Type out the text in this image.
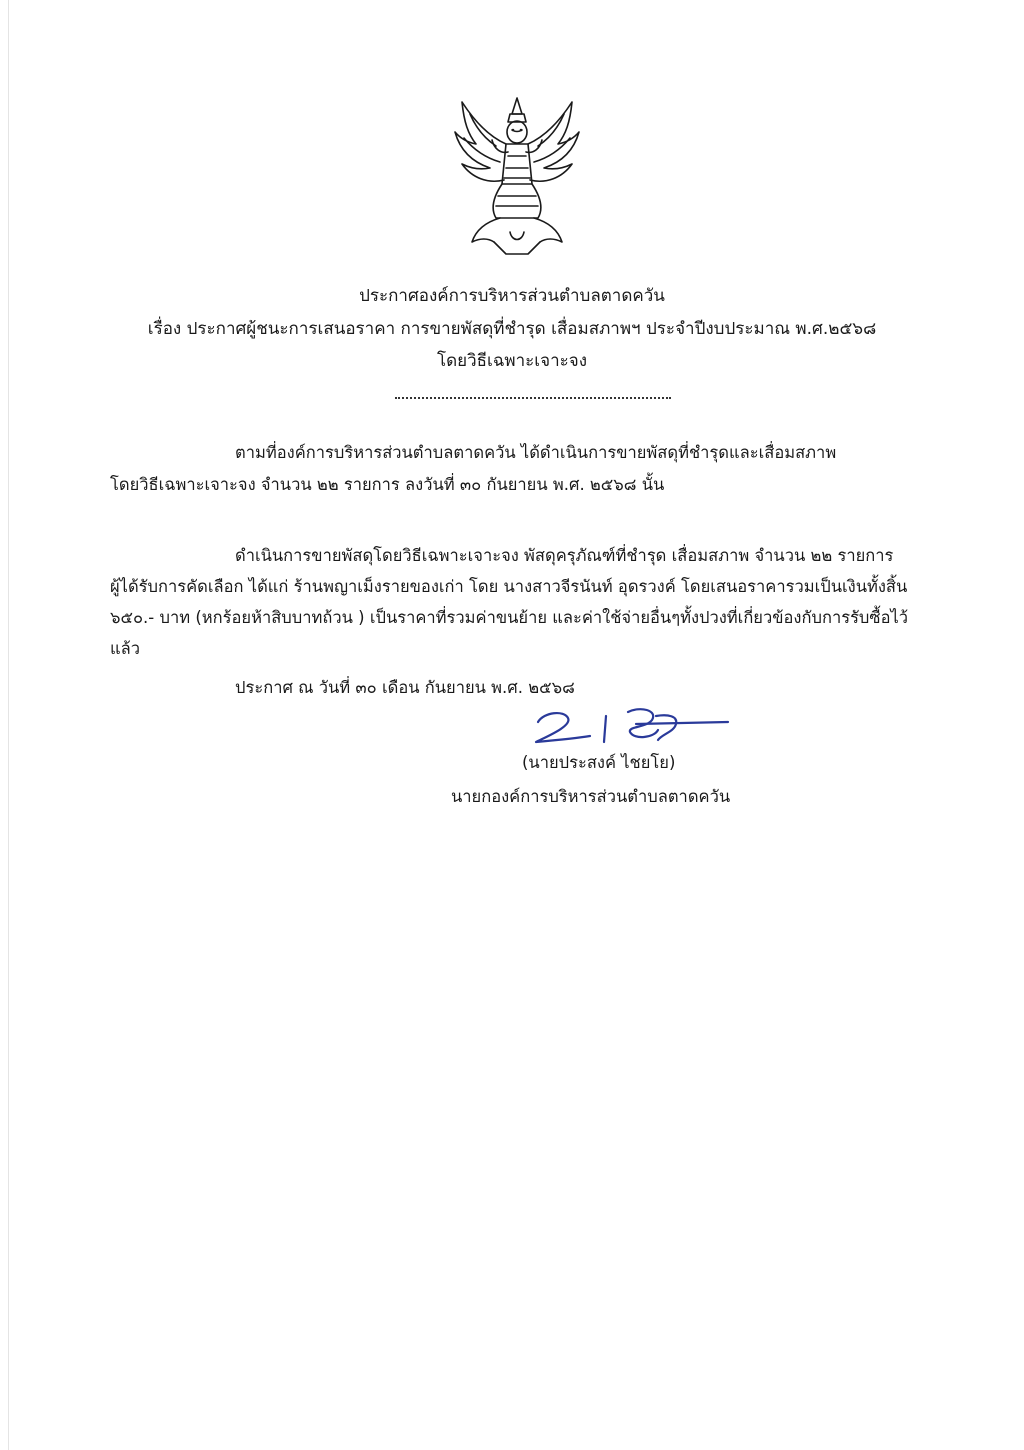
ประกาศองค์การบริหารส่วนตำบลตาดควัน
เรื่อง ประกาศผู้ชนะการเสนอราคา การขายพัสดุที่ชำรุด เสื่อมสภาพฯ ประจำปีงบประมาณ พ.ศ.๒๕๖๘
โดยวิธีเฉพาะเจาะจง
ตามที่องค์การบริหารส่วนตำบลตาดควัน ได้ดำเนินการขายพัสดุที่ชำรุดและเสื่อมสภาพ
โดยวิธีเฉพาะเจาะจง จำนวน ๒๒ รายการ ลงวันที่ ๓๐ กันยายน พ.ศ. ๒๕๖๘ นั้น
ดำเนินการขายพัสดุโดยวิธีเฉพาะเจาะจง พัสดุครุภัณฑ์ที่ชำรุด เสื่อมสภาพ จำนวน ๒๒ รายการ
ผู้ได้รับการคัดเลือก ได้แก่ ร้านพญาเม็งรายของเก่า โดย นางสาวจีรนันท์ อุดรวงค์ โดยเสนอราคารวมเป็นเงินทั้งสิ้น
๖๕๐.- บาท (หกร้อยห้าสิบบาทถ้วน ) เป็นราคาที่รวมค่าขนย้าย และค่าใช้จ่ายอื่นๆทั้งปวงที่เกี่ยวข้องกับการรับซื้อไว้
แล้ว
ประกาศ ณ วันที่ ๓๐ เดือน กันยายน พ.ศ. ๒๕๖๘
(นายประสงค์ ไชยโย)
นายกองค์การบริหารส่วนตำบลตาดควัน
